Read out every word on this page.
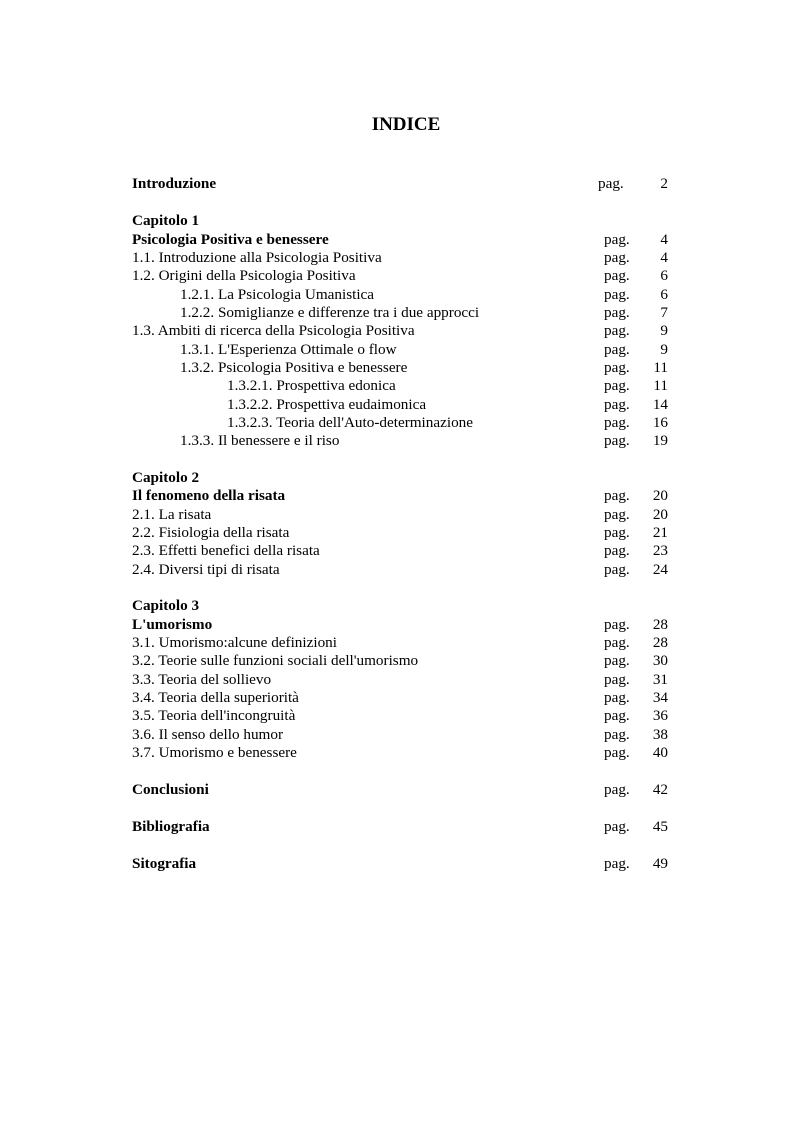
INDICE
Introduzione	pag. 2
Capitolo 1
Psicologia Positiva e benessere	pag. 4
1.1. Introduzione alla Psicologia Positiva	pag. 4
1.2. Origini della Psicologia Positiva	pag. 6
1.2.1. La Psicologia Umanistica	pag. 6
1.2.2. Somiglianze e differenze tra i due approcci	pag. 7
1.3. Ambiti di ricerca della Psicologia Positiva	pag. 9
1.3.1. L'Esperienza Ottimale o flow	pag. 9
1.3.2. Psicologia Positiva e benessere	pag. 11
1.3.2.1. Prospettiva edonica	pag. 11
1.3.2.2. Prospettiva eudaimonica	pag. 14
1.3.2.3. Teoria dell'Auto-determinazione	pag. 16
1.3.3. Il benessere e il riso	pag. 19
Capitolo 2
Il fenomeno della risata	pag. 20
2.1. La risata	pag. 20
2.2. Fisiologia della risata	pag. 21
2.3. Effetti benefici della risata	pag. 23
2.4. Diversi tipi di risata	pag. 24
Capitolo 3
L'umorismo	pag. 28
3.1. Umorismo:alcune definizioni	pag. 28
3.2. Teorie sulle funzioni sociali dell'umorismo	pag. 30
3.3. Teoria del sollievo	pag. 31
3.4. Teoria della superiorità	pag. 34
3.5. Teoria dell'incongruità	pag. 36
3.6. Il senso dello humor	pag. 38
3.7. Umorismo e benessere	pag. 40
Conclusioni	pag. 42
Bibliografia	pag. 45
Sitografia	pag. 49
